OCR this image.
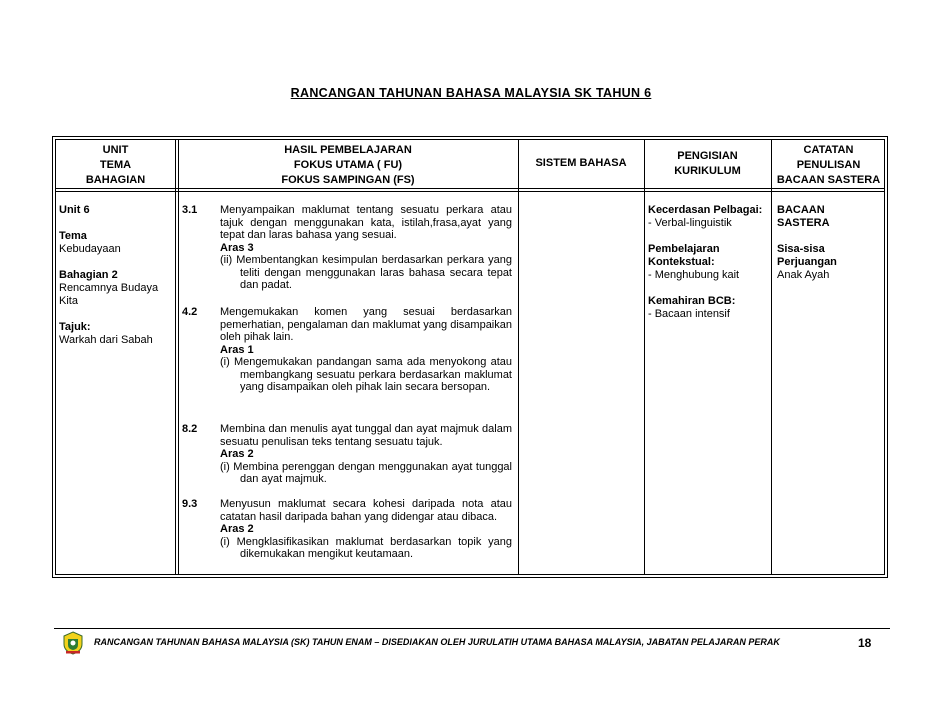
RANCANGAN TAHUNAN BAHASA MALAYSIA SK TAHUN 6
UNIT
TEMA
BAHAGIAN
HASIL PEMBELAJARAN
FOKUS UTAMA ( FU)
FOKUS SAMPINGAN (FS)
SISTEM BAHASA
PENGISIAN
KURIKULUM
CATATAN
PENULISAN
BACAAN SASTERA
Unit 6
Tema
Kebudayaan
Bahagian 2
Rencamnya Budaya
Kita
Tajuk:
Warkah dari Sabah
3.1 Menyampaikan maklumat tentang sesuatu perkara atau tajuk dengan menggunakan kata, istilah,frasa,ayat yang tepat dan laras bahasa yang sesuai.
Aras 3
(ii) Membentangkan kesimpulan berdasarkan perkara yang teliti dengan menggunakan laras bahasa secara tepat dan padat.
4.2 Mengemukakan komen yang sesuai berdasarkan pemerhatian, pengalaman dan maklumat yang disampaikan oleh pihak lain.
Aras 1
(i) Mengemukakan pandangan sama ada menyokong atau membangkang sesuatu perkara berdasarkan maklumat yang disampaikan oleh pihak lain secara bersopan.
8.2 Membina dan menulis ayat tunggal dan ayat majmuk dalam sesuatu penulisan teks tentang sesuatu tajuk.
Aras 2
(i) Membina perenggan dengan menggunakan ayat tunggal dan ayat majmuk.
9.3 Menyusun maklumat secara kohesi daripada nota atau catatan hasil daripada bahan yang didengar atau dibaca.
Aras 2
(i) Mengklasifikasikan maklumat berdasarkan topik yang dikemukakan mengikut keutamaan.
Kecerdasan Pelbagai:
- Verbal-linguistik
Pembelajaran
Kontekstual:
- Menghubung kait
Kemahiran BCB:
- Bacaan intensif
BACAAN
SASTERA
Sisa-sisa
Perjuangan
Anak Ayah
RANCANGAN TAHUNAN BAHASA MALAYSIA (SK) TAHUN ENAM – DISEDIAKAN OLEH JURULATIH UTAMA BAHASA MALAYSIA, JABATAN PELAJARAN PERAK	18
